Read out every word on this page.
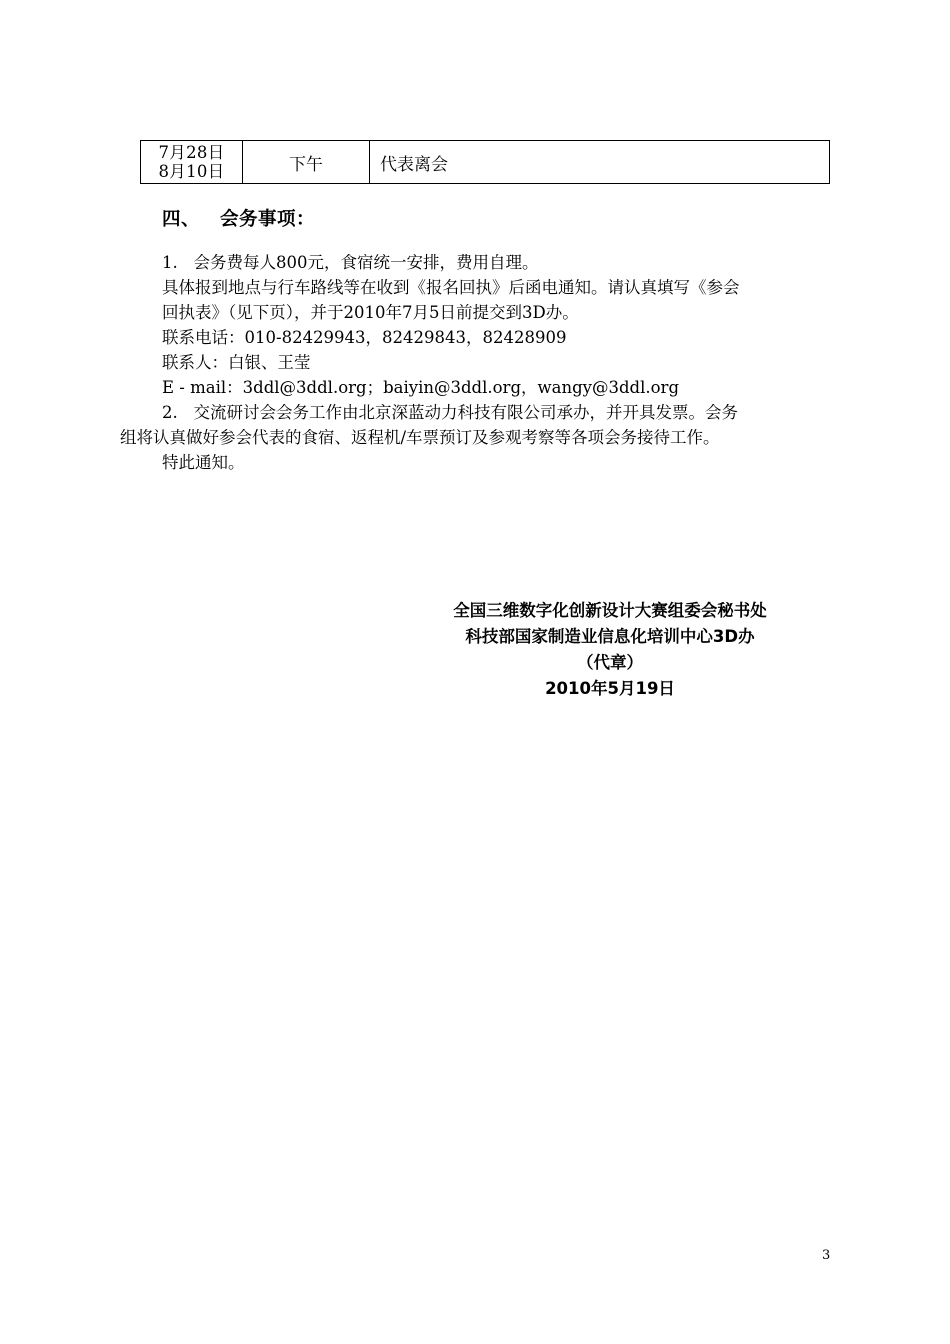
7月28日
8月10日	下午	代表离会
四、 会务事项：
1. 会务费每人800元，食宿统一安排，费用自理。
具体报到地点与行车路线等在收到《报名回执》后函电通知。请认真填写《参会
回执表》（见下页），并于2010年7月5日前提交到3D办。
联系电话：010-82429943，82429843，82428909
联系人：白银、王莹
E - mail：3ddl@3ddl.org；baiyin@3ddl.org，wangy@3ddl.org
2. 交流研讨会会务工作由北京深蓝动力科技有限公司承办，并开具发票。会务
组将认真做好参会代表的食宿、返程机/车票预订及参观考察等各项会务接待工作。
特此通知。
全国三维数字化创新设计大赛组委会秘书处
科技部国家制造业信息化培训中心3D办
（代章）
2010年5月19日
3
